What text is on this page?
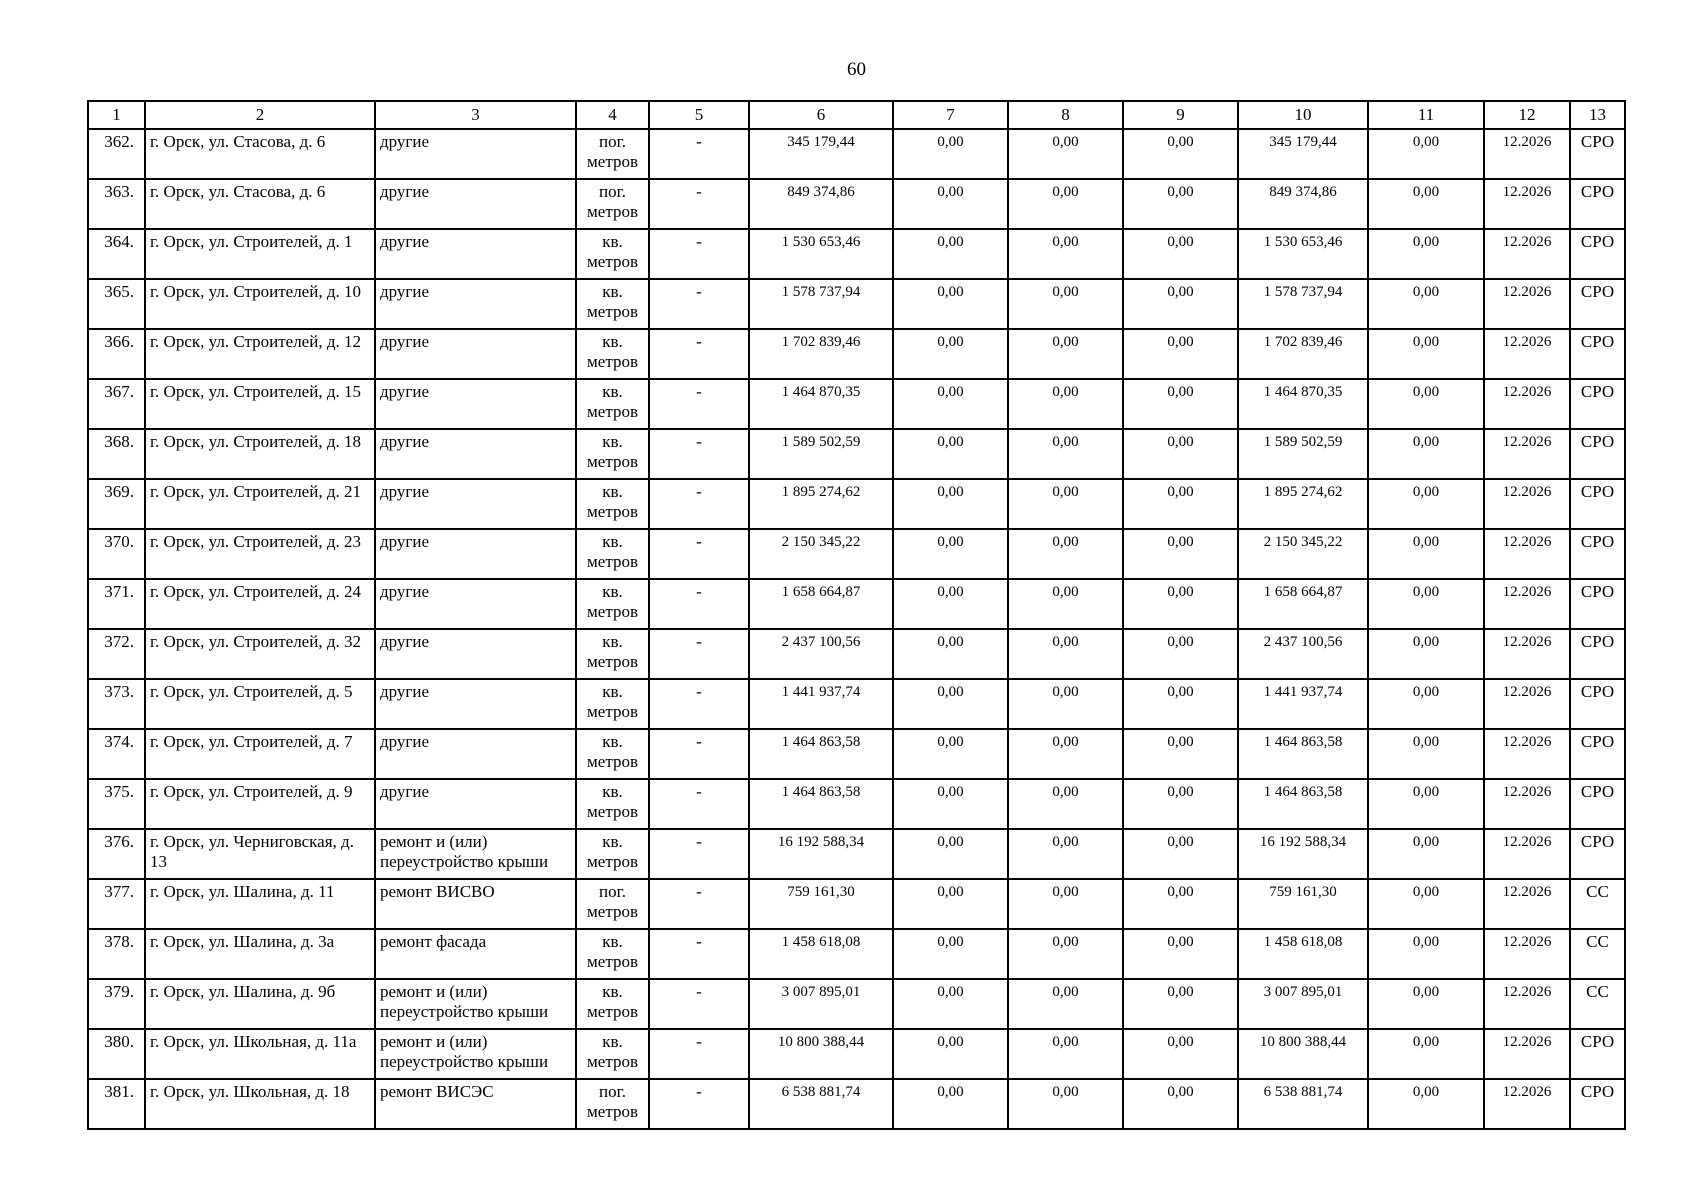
60
1	2	3	4	5	6	7	8	9	10	11	12	13
362.	г. Орск, ул. Стасова, д. 6	другие	пог. метров	-	345 179,44	0,00	0,00	0,00	345 179,44	0,00	12.2026	СРО
363.	г. Орск, ул. Стасова, д. 6	другие	пог. метров	-	849 374,86	0,00	0,00	0,00	849 374,86	0,00	12.2026	СРО
364.	г. Орск, ул. Строителей, д. 1	другие	кв. метров	-	1 530 653,46	0,00	0,00	0,00	1 530 653,46	0,00	12.2026	СРО
365.	г. Орск, ул. Строителей, д. 10	другие	кв. метров	-	1 578 737,94	0,00	0,00	0,00	1 578 737,94	0,00	12.2026	СРО
366.	г. Орск, ул. Строителей, д. 12	другие	кв. метров	-	1 702 839,46	0,00	0,00	0,00	1 702 839,46	0,00	12.2026	СРО
367.	г. Орск, ул. Строителей, д. 15	другие	кв. метров	-	1 464 870,35	0,00	0,00	0,00	1 464 870,35	0,00	12.2026	СРО
368.	г. Орск, ул. Строителей, д. 18	другие	кв. метров	-	1 589 502,59	0,00	0,00	0,00	1 589 502,59	0,00	12.2026	СРО
369.	г. Орск, ул. Строителей, д. 21	другие	кв. метров	-	1 895 274,62	0,00	0,00	0,00	1 895 274,62	0,00	12.2026	СРО
370.	г. Орск, ул. Строителей, д. 23	другие	кв. метров	-	2 150 345,22	0,00	0,00	0,00	2 150 345,22	0,00	12.2026	СРО
371.	г. Орск, ул. Строителей, д. 24	другие	кв. метров	-	1 658 664,87	0,00	0,00	0,00	1 658 664,87	0,00	12.2026	СРО
372.	г. Орск, ул. Строителей, д. 32	другие	кв. метров	-	2 437 100,56	0,00	0,00	0,00	2 437 100,56	0,00	12.2026	СРО
373.	г. Орск, ул. Строителей, д. 5	другие	кв. метров	-	1 441 937,74	0,00	0,00	0,00	1 441 937,74	0,00	12.2026	СРО
374.	г. Орск, ул. Строителей, д. 7	другие	кв. метров	-	1 464 863,58	0,00	0,00	0,00	1 464 863,58	0,00	12.2026	СРО
375.	г. Орск, ул. Строителей, д. 9	другие	кв. метров	-	1 464 863,58	0,00	0,00	0,00	1 464 863,58	0,00	12.2026	СРО
376.	г. Орск, ул. Черниговская, д. 13	ремонт и (или) переустройство крыши	кв. метров	-	16 192 588,34	0,00	0,00	0,00	16 192 588,34	0,00	12.2026	СРО
377.	г. Орск, ул. Шалина, д. 11	ремонт ВИСВО	пог. метров	-	759 161,30	0,00	0,00	0,00	759 161,30	0,00	12.2026	СС
378.	г. Орск, ул. Шалина, д. 3а	ремонт фасада	кв. метров	-	1 458 618,08	0,00	0,00	0,00	1 458 618,08	0,00	12.2026	СС
379.	г. Орск, ул. Шалина, д. 9б	ремонт и (или) переустройство крыши	кв. метров	-	3 007 895,01	0,00	0,00	0,00	3 007 895,01	0,00	12.2026	СС
380.	г. Орск, ул. Школьная, д. 11а	ремонт и (или) переустройство крыши	кв. метров	-	10 800 388,44	0,00	0,00	0,00	10 800 388,44	0,00	12.2026	СРО
381.	г. Орск, ул. Школьная, д. 18	ремонт ВИСЭС	пог. метров	-	6 538 881,74	0,00	0,00	0,00	6 538 881,74	0,00	12.2026	СРО
